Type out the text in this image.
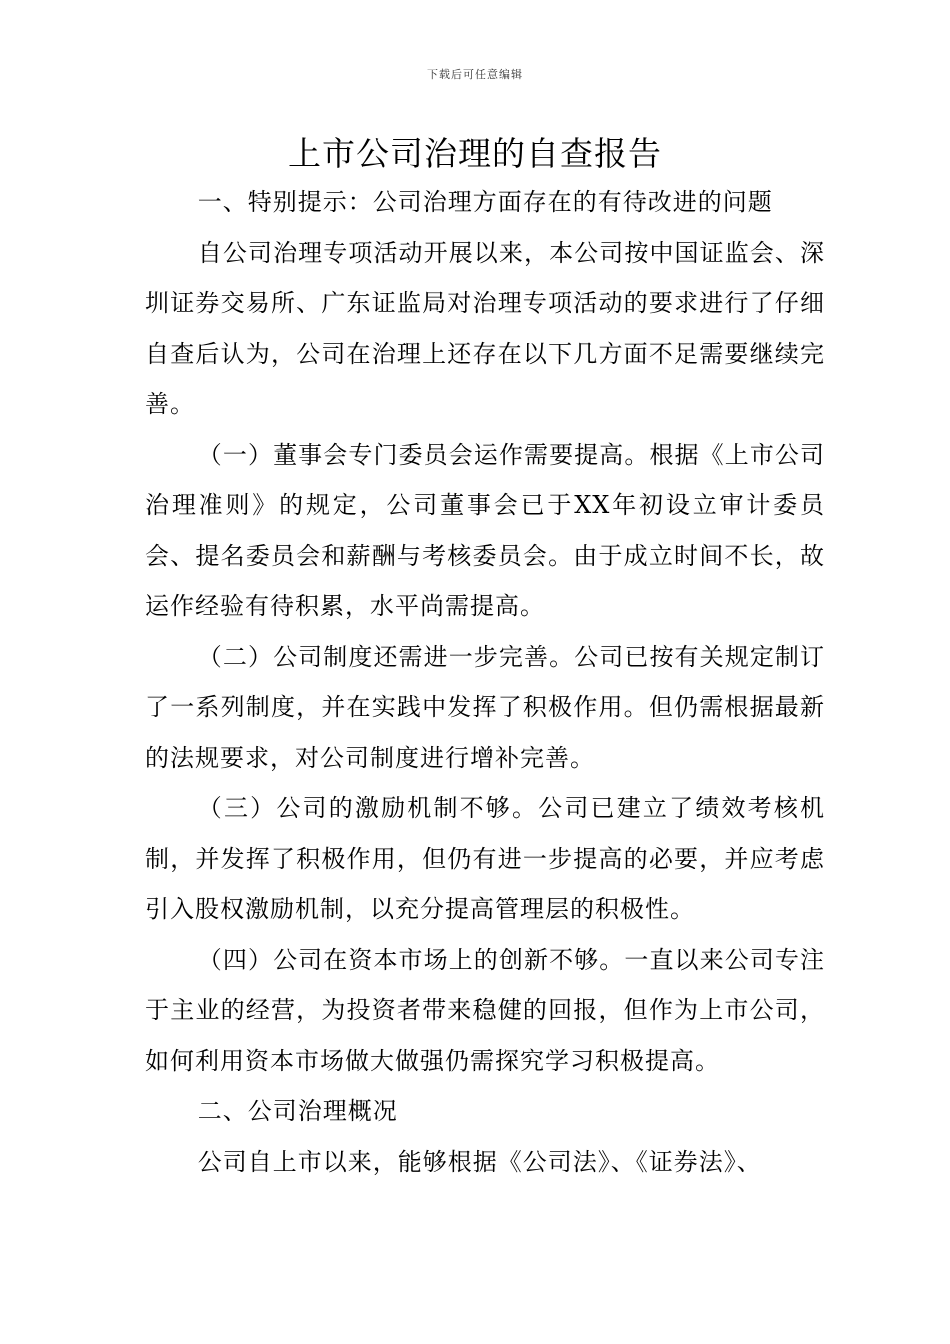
下载后可任意编辑
上市公司治理的自查报告

一、特别提示：公司治理方面存在的有待改进的问题

自公司治理专项活动开展以来，本公司按中国证监会、深圳证券交易所、广东证监局对治理专项活动的要求进行了仔细自查后认为，公司在治理上还存在以下几方面不足需要继续完善。

（一）董事会专门委员会运作需要提高。根据《上市公司治理准则》的规定，公司董事会已于XX年初设立审计委员会、提名委员会和薪酬与考核委员会。由于成立时间不长，故运作经验有待积累，水平尚需提高。

（二）公司制度还需进一步完善。公司已按有关规定制订了一系列制度，并在实践中发挥了积极作用。但仍需根据最新的法规要求，对公司制度进行增补完善。

（三）公司的激励机制不够。公司已建立了绩效考核机制，并发挥了积极作用，但仍有进一步提高的必要，并应考虑引入股权激励机制，以充分提高管理层的积极性。

（四）公司在资本市场上的创新不够。一直以来公司专注于主业的经营，为投资者带来稳健的回报，但作为上市公司，如何利用资本市场做大做强仍需探究学习积极提高。

二、公司治理概况

公司自上市以来，能够根据《公司法》、《证券法》、
